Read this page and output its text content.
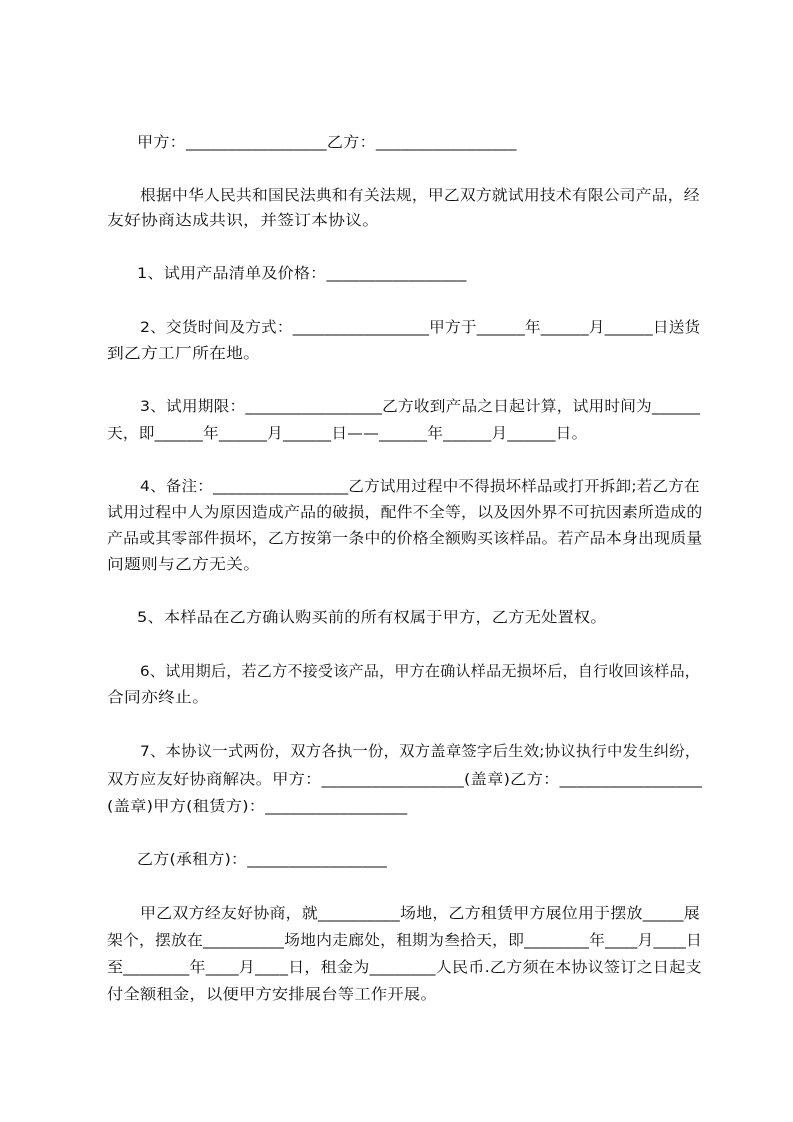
甲方：_________________乙方：_________________
根据中华人民共和国民法典和有关法规，甲乙双方就试用技术有限公司产品，经
友好协商达成共识，并签订本协议。
1、试用产品清单及价格：_________________
2、交货时间及方式：_________________甲方于______年______月______日送货
到乙方工厂所在地。
3、试用期限：_________________乙方收到产品之日起计算，试用时间为______
天，即______年______月______日——______年______月______日。
4、备注：_________________乙方试用过程中不得损坏样品或打开拆卸;若乙方在
试用过程中人为原因造成产品的破损，配件不全等，以及因外界不可抗因素所造成的
产品或其零部件损坏，乙方按第一条中的价格全额购买该样品。若产品本身出现质量
问题则与乙方无关。
5、本样品在乙方确认购买前的所有权属于甲方，乙方无处置权。
6、试用期后，若乙方不接受该产品，甲方在确认样品无损坏后，自行收回该样品，
合同亦终止。
7、本协议一式两份，双方各执一份，双方盖章签字后生效;协议执行中发生纠纷，
双方应友好协商解决。甲方：_________________(盖章)乙方：_________________
(盖章)甲方(租赁方)：_________________
乙方(承租方)：_________________
甲乙双方经友好协商，就__________场地，乙方租赁甲方展位用于摆放_____展
架个，摆放在__________场地内走廊处，租期为叁拾天，即________年____月____日
至________年____月____日，租金为________人民币.乙方须在本协议签订之日起支
付全额租金，以便甲方安排展台等工作开展。
